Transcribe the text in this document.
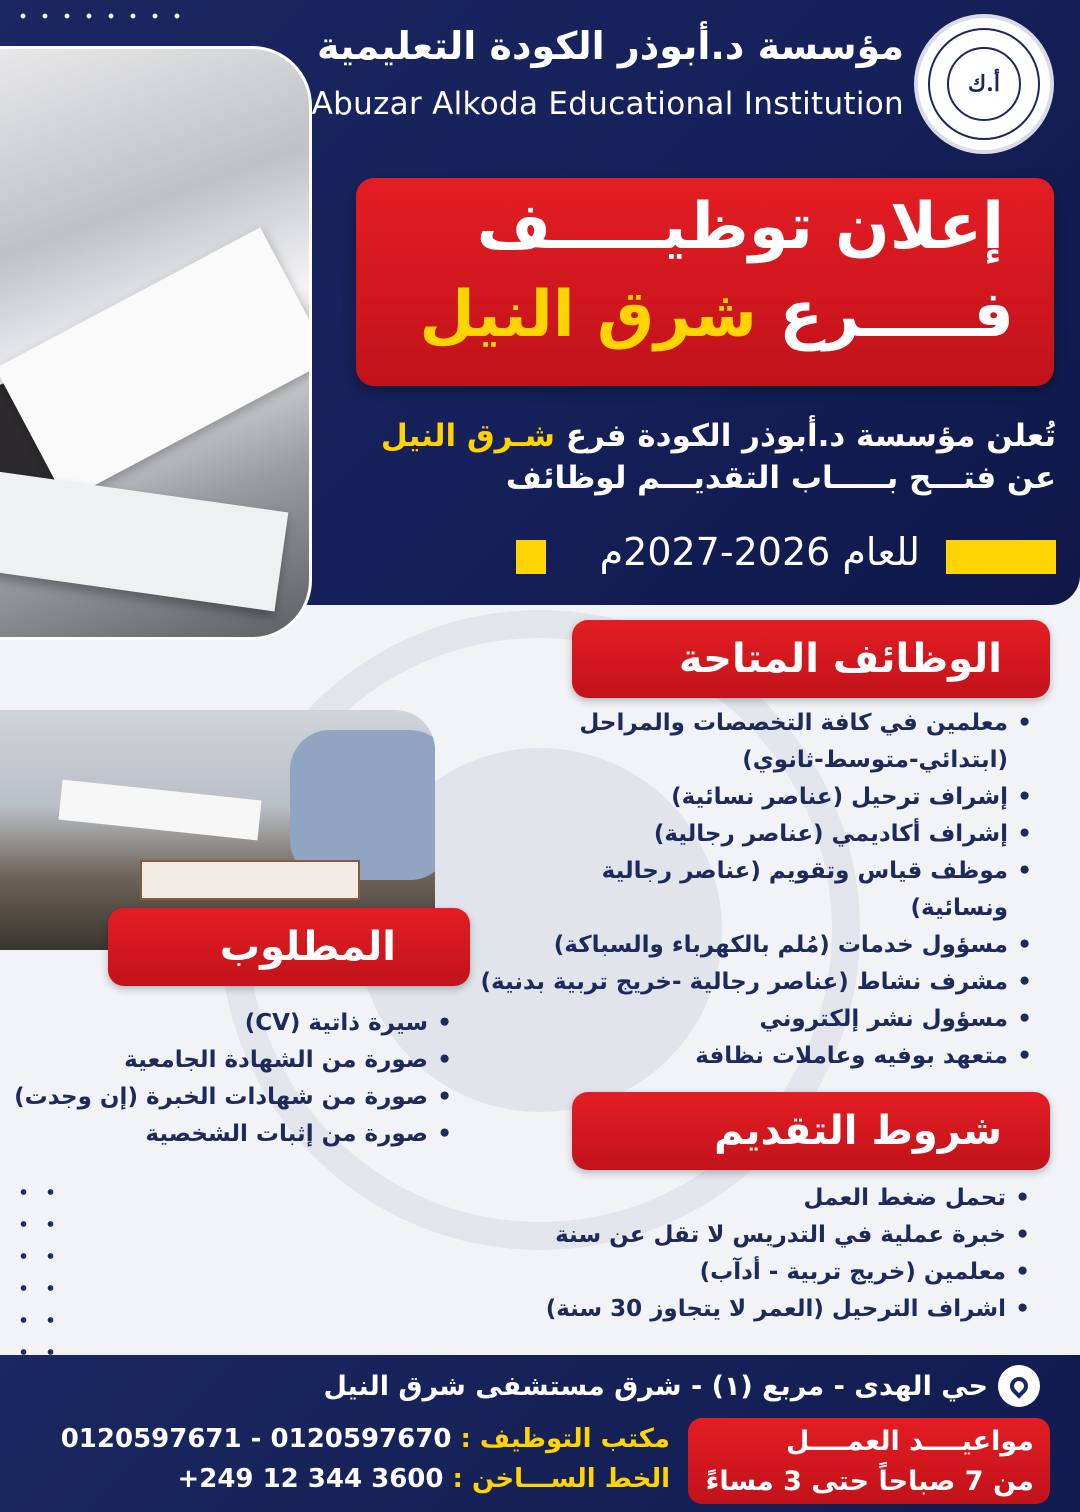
مؤسسة د.أبوذر الكودة التعليمية
Abuzar Alkoda Educational Institution
أ.ك
إعلان توظيـــــف
فـــــرع شرق النيل
تُعلن مؤسسة د.أبوذر الكودة فرع شـرق النيل
عن فتـــح بـــــاب التقديـــم لوظائف
للعام 2026-2027م
الوظائف المتاحة
• معلمين في كافة التخصصات والمراحل
(ابتدائي-متوسط-ثانوي)
• إشراف ترحيل (عناصر نسائية)
• إشراف أكاديمي (عناصر رجالية)
• موظف قياس وتقويم (عناصر رجالية
ونسائية)
• مسؤول خدمات (مُلم بالكهرباء والسباكة)
• مشرف نشاط (عناصر رجالية -خريج تربية بدنية)
• مسؤول نشر إلكتروني
• متعهد بوفيه وعاملات نظافة
المطلوب
• سيرة ذاتية (CV)
• صورة من الشهادة الجامعية
• صورة من شهادات الخبرة (إن وجدت)
• صورة من إثبات الشخصية	شروط التقديم
• تحمل ضغط العمل
• خبرة عملية في التدريس لا تقل عن سنة
• معلمين (خريج تربية - أدآب)
• اشراف الترحيل (العمر لا يتجاوز 30 سنة)
حي الهدى - مربع (١) - شرق مستشفى شرق النيل
مواعيــــد العمــــل
من 7 صباحاً حتى 3 مساءً
مكتب التوظيف : 0120597671 - 0120597670
الخط الســـاخن : +249 12 344 3600
